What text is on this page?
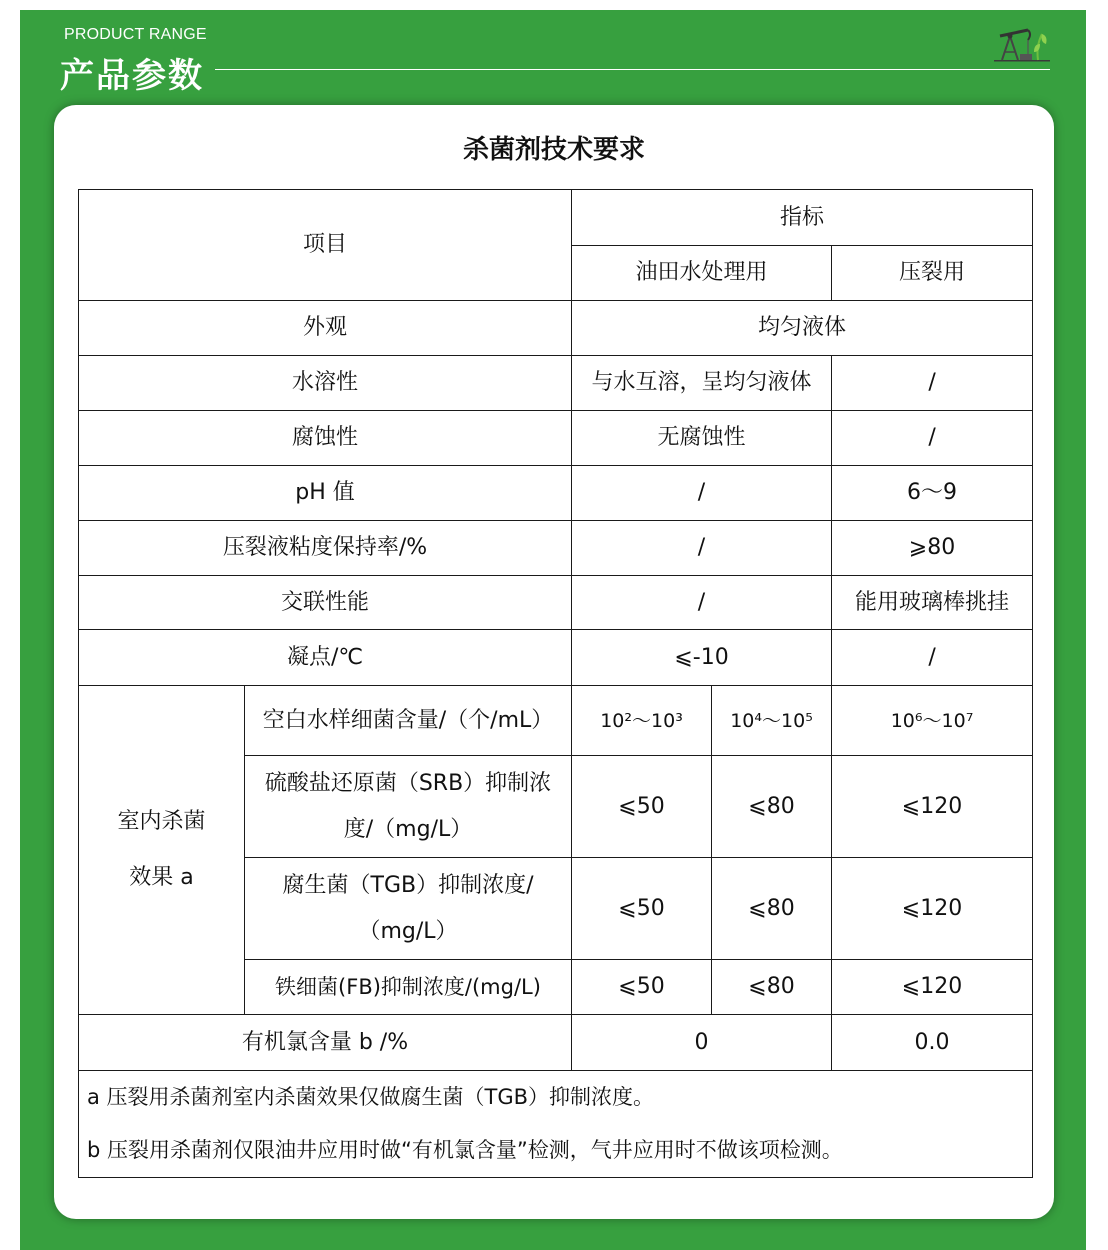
PRODUCT RANGE
产品参数
杀菌剂技术要求
项目		指标		
		油田水处理用		压裂用
外观		均匀液体		
水溶性		与水互溶，呈均匀液体		/
腐蚀性		无腐蚀性		/
pH 值		/		6～9
压裂液粘度保持率/%		/		⩾80
交联性能		/		能用玻璃棒挑挂
凝点/℃		⩽-10		/

室内杀菌
效果 a	空白水样细菌含量/（个/mL）	10²～10³	10⁴～10⁵	10⁶～10⁷

	硫酸盐还原菌（SRB）抑制浓
度/（mg/L）	⩽50	⩽80	⩽120

	腐生菌（TGB）抑制浓度/
（mg/L）	⩽50	⩽80	⩽120
	铁细菌(FB)抑制浓度/(mg/L)	⩽50	⩽80	⩽120
有机氯含量 b /%		0		0.0

a 压裂用杀菌剂室内杀菌效果仅做腐生菌（TGB）抑制浓度。
b 压裂用杀菌剂仅限油井应用时做“有机氯含量”检测，气井应用时不做该项检测。				
